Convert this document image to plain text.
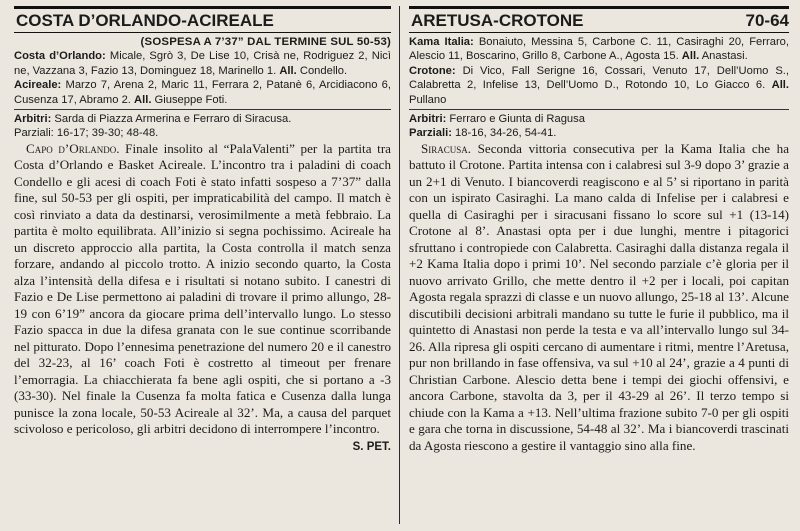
COSTA D’ORLANDO-ACIREALE

(SOSPESA A 7’37” DAL TERMINE SUL 50-53)

Costa d’Orlando: Micale, Sgrò 3, De Lise 10, Crisà ne, Rodriguez 2, Nicì ne, Vazzana 3, Fazio 13, Dominguez 18, Marinello 1. All. Condello.

Acireale: Marzo 7, Arena 2, Maric 11, Ferrara 2, Patanè 6, Arcidiacono 6, Cusenza 17, Abramo 2. All. Giuseppe Foti.

Arbitri: Sarda di Piazza Armerina e Ferraro di Siracusa.

Parziali: 16-17; 39-30; 48-48.

Capo d’Orlando. Finale insolito al “PalaValenti” per la partita tra Costa d’Orlando e Basket Acireale. L’incontro tra i paladini di coach Condello e gli acesi di coach Foti è stato infatti sospeso a 7’37” dalla fine, sul 50-53 per gli ospiti, per impraticabilità del campo. Il match è così rinviato a data da destinarsi, verosimilmente a metà febbraio. La partita è molto equilibrata. All’inizio si segna pochissimo. Acireale ha un discreto approccio alla partita, la Costa controlla il match senza forzare, andando al piccolo trotto. A inizio secondo quarto, la Costa alza l’intensità della difesa e i risultati si notano subito. I canestri di Fazio e De Lise permettono ai paladini di trovare il primo allungo, 28-19 con 6’19” ancora da giocare prima dell’intervallo lungo. Lo stesso Fazio spacca in due la difesa granata con le sue continue scorribande nel pitturato. Dopo l’ennesima penetrazione del numero 20 e il canestro del 32-23, al 16’ coach Foti è costretto al timeout per frenare l’emorragia. La chiacchierata fa bene agli ospiti, che si portano a -3 (33-30). Nel finale la Cusenza fa molta fatica e Cusenza dalla lunga punisce la zona locale, 50-53 Acireale al 32’. Ma, a causa del parquet scivoloso e pericoloso, gli arbitri decidono di interrompere l’incontro.

S. PET.
ARETUSA-CROTONE	70-64

Kama Italia: Bonaiuto, Messina 5, Carbone C. 11, Casiraghi 20, Ferraro, Alescio 11, Boscarino, Grillo 8, Carbone A., Agosta 15. All. Anastasi.

Crotone: Di Vico, Fall Serigne 16, Cossari, Venuto 17, Dell’Uomo S., Calabretta 2, Infelise 13, Dell’Uomo D., Rotondo 10, Lo Giacco 6. All. Pullano

Arbitri: Ferraro e Giunta di Ragusa

Parziali: 18-16, 34-26, 54-41.

Siracusa. Seconda vittoria consecutiva per la Kama Italia che ha battuto il Crotone. Partita intensa con i calabresi sul 3-9 dopo 3’ grazie a un 2+1 di Venuto. I biancoverdi reagiscono e al 5’ si riportano in parità con un ispirato Casiraghi. La mano calda di Infelise per i calabresi e quella di Casiraghi per i siracusani fissano lo score sul +1 (13-14) Crotone al 8’. Anastasi opta per i due lunghi, mentre i pitagorici sfruttano i contropiede con Calabretta. Casiraghi dalla distanza regala il +2 Kama Italia dopo i primi 10’. Nel secondo parziale c’è gloria per il nuovo arrivato Grillo, che mette dentro il +2 per i locali, poi capitan Agosta regala sprazzi di classe e un nuovo allungo, 25-18 al 13’. Alcune discutibili decisioni arbitrali mandano su tutte le furie il pubblico, ma il quintetto di Anastasi non perde la testa e va all’intervallo lungo sul 34-26. Alla ripresa gli ospiti cercano di aumentare i ritmi, mentre l’Aretusa, pur non brillando in fase offensiva, va sul +10 al 24’, grazie a 4 punti di Christian Carbone. Alescio detta bene i tempi dei giochi offensivi, e ancora Carbone, stavolta da 3, per il 43-29 al 26’. Il terzo tempo si chiude con la Kama a +13. Nell’ultima frazione subito 7-0 per gli ospiti e gara che torna in discussione, 54-48 al 32’. Ma i biancoverdi trascinati da Agosta riescono a gestire il vantaggio sino alla fine.
